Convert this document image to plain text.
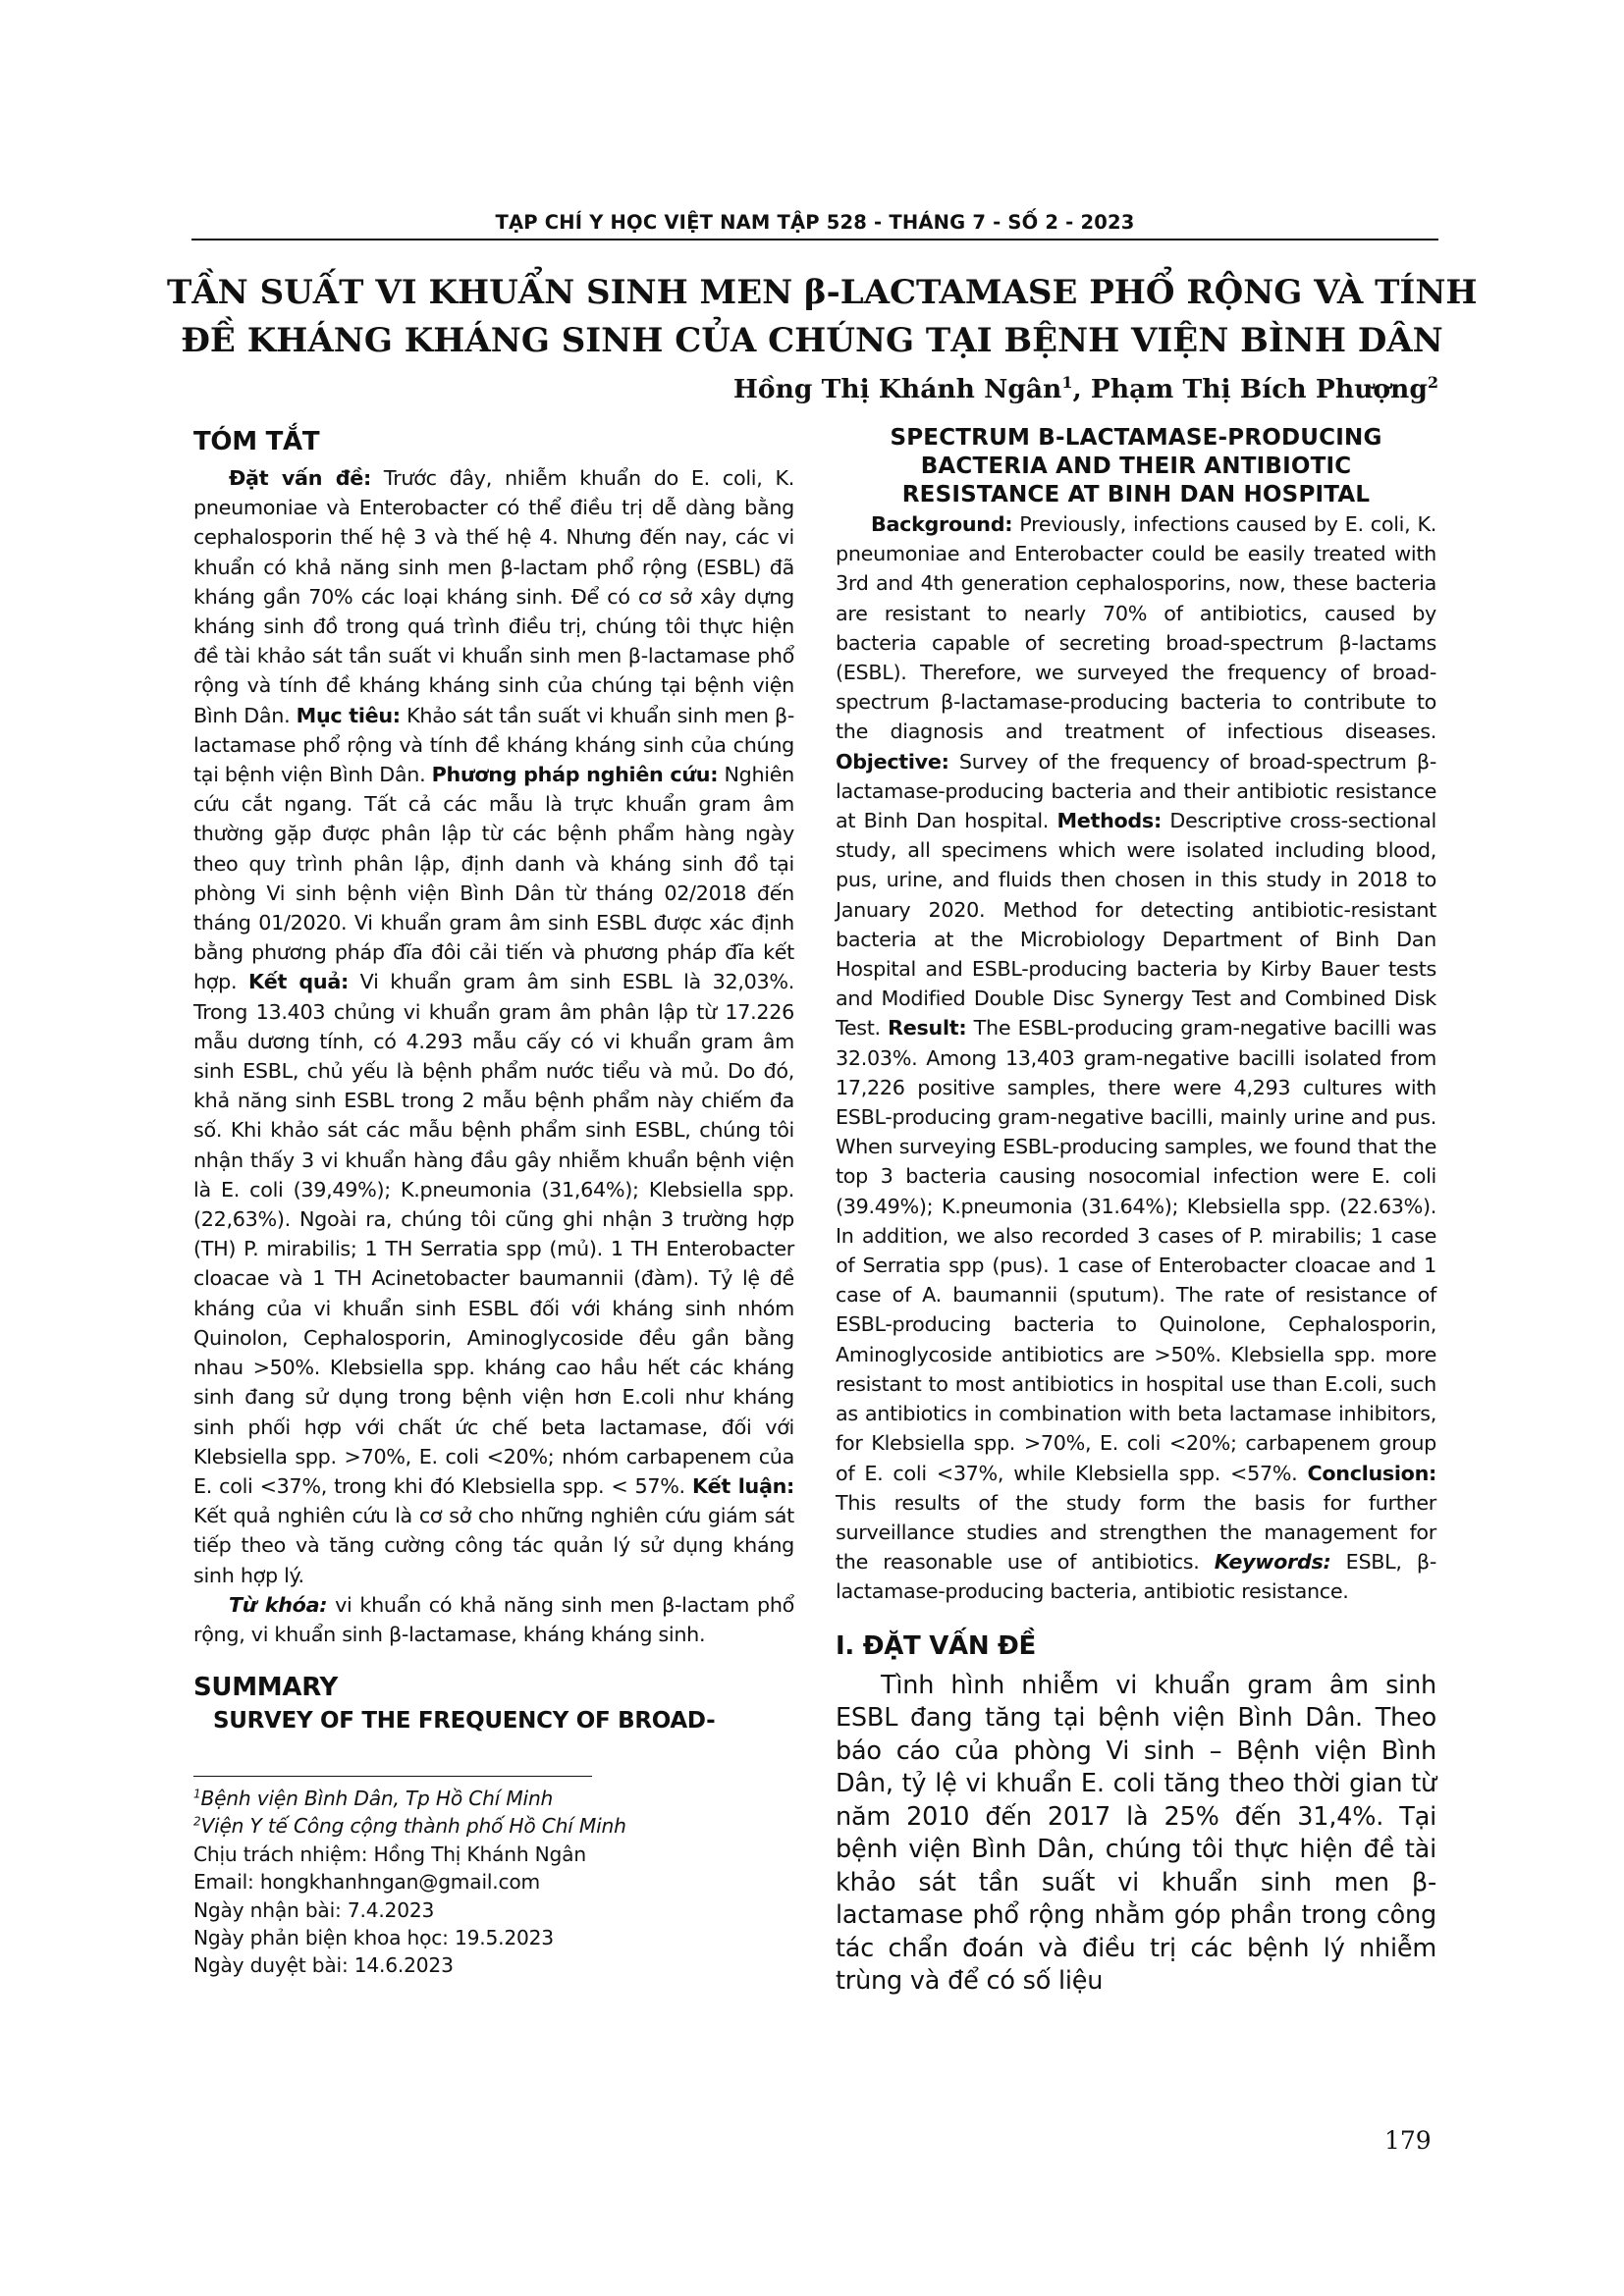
TẠP CHÍ Y HỌC VIỆT NAM TẬP 528 - THÁNG 7 - SỐ 2 - 2023
TẦN SUẤT VI KHUẨN SINH MEN β-LACTAMASE PHỔ RỘNG VÀ TÍNH
ĐỀ KHÁNG KHÁNG SINH CỦA CHÚNG TẠI BỆNH VIỆN BÌNH DÂN
Hồng Thị Khánh Ngân$^1$, Phạm Thị Bích Phượng$^2$
TÓM TẮT

Đặt vấn đề: Trước đây, nhiễm khuẩn do E. coli, K. pneumoniae và Enterobacter có thể điều trị dễ dàng bằng cephalosporin thế hệ 3 và thế hệ 4. Nhưng đến nay, các vi khuẩn có khả năng sinh men β-lactam phổ rộng (ESBL) đã kháng gần 70% các loại kháng sinh. Để có cơ sở xây dựng kháng sinh đồ trong quá trình điều trị, chúng tôi thực hiện đề tài khảo sát tần suất vi khuẩn sinh men β-lactamase phổ rộng và tính đề kháng kháng sinh của chúng tại bệnh viện Bình Dân. Mục tiêu: Khảo sát tần suất vi khuẩn sinh men β-lactamase phổ rộng và tính đề kháng kháng sinh của chúng tại bệnh viện Bình Dân. Phương pháp nghiên cứu: Nghiên cứu cắt ngang. Tất cả các mẫu là trực khuẩn gram âm thường gặp được phân lập từ các bệnh phẩm hàng ngày theo quy trình phân lập, định danh và kháng sinh đồ tại phòng Vi sinh bệnh viện Bình Dân từ tháng 02/2018 đến tháng 01/2020. Vi khuẩn gram âm sinh ESBL được xác định bằng phương pháp đĩa đôi cải tiến và phương pháp đĩa kết hợp. Kết quả: Vi khuẩn gram âm sinh ESBL là 32,03%. Trong 13.403 chủng vi khuẩn gram âm phân lập từ 17.226 mẫu dương tính, có 4.293 mẫu cấy có vi khuẩn gram âm sinh ESBL, chủ yếu là bệnh phẩm nước tiểu và mủ. Do đó, khả năng sinh ESBL trong 2 mẫu bệnh phẩm này chiếm đa số. Khi khảo sát các mẫu bệnh phẩm sinh ESBL, chúng tôi nhận thấy 3 vi khuẩn hàng đầu gây nhiễm khuẩn bệnh viện là E. coli (39,49%); K.pneumonia (31,64%); Klebsiella spp. (22,63%). Ngoài ra, chúng tôi cũng ghi nhận 3 trường hợp (TH) P. mirabilis; 1 TH Serratia spp (mủ). 1 TH Enterobacter cloacae và 1 TH Acinetobacter baumannii (đàm). Tỷ lệ đề kháng của vi khuẩn sinh ESBL đối với kháng sinh nhóm Quinolon, Cephalosporin, Aminoglycoside đều gần bằng nhau >50%. Klebsiella spp. kháng cao hầu hết các kháng sinh đang sử dụng trong bệnh viện hơn E.coli như kháng sinh phối hợp với chất ức chế beta lactamase, đối với Klebsiella spp. >70%, E. coli <20%; nhóm carbapenem của E. coli <37%, trong khi đó Klebsiella spp. < 57%. Kết luận: Kết quả nghiên cứu là cơ sở cho những nghiên cứu giám sát tiếp theo và tăng cường công tác quản lý sử dụng kháng sinh hợp lý.

Từ khóa: vi khuẩn có khả năng sinh men β-lactam phổ rộng, vi khuẩn sinh β-lactamase, kháng kháng sinh.

SUMMARY
SURVEY OF THE FREQUENCY OF BROAD-
$^1$Bệnh viện Bình Dân, Tp Hồ Chí Minh
$^2$Viện Y tế Công cộng thành phố Hồ Chí Minh
Chịu trách nhiệm: Hồng Thị Khánh Ngân
Email: hongkhanhngan@gmail.com
Ngày nhận bài: 7.4.2023
Ngày phản biện khoa học: 19.5.2023
Ngày duyệt bài: 14.6.2023
SPECTRUM Β-LACTAMASE-PRODUCING
BACTERIA AND THEIR ANTIBIOTIC
RESISTANCE AT BINH DAN HOSPITAL

Background: Previously, infections caused by E. coli, K. pneumoniae and Enterobacter could be easily treated with 3rd and 4th generation cephalosporins, now, these bacteria are resistant to nearly 70% of antibiotics, caused by bacteria capable of secreting broad-spectrum β-lactams (ESBL). Therefore, we surveyed the frequency of broad-spectrum β-lactamase-producing bacteria to contribute to the diagnosis and treatment of infectious diseases. Objective: Survey of the frequency of broad-spectrum β-lactamase-producing bacteria and their antibiotic resistance at Binh Dan hospital. Methods: Descriptive cross-sectional study, all specimens which were isolated including blood, pus, urine, and fluids then chosen in this study in 2018 to January 2020. Method for detecting antibiotic-resistant bacteria at the Microbiology Department of Binh Dan Hospital and ESBL-producing bacteria by Kirby Bauer tests and Modified Double Disc Synergy Test and Combined Disk Test. Result: The ESBL-producing gram-negative bacilli was 32.03%. Among 13,403 gram-negative bacilli isolated from 17,226 positive samples, there were 4,293 cultures with ESBL-producing gram-negative bacilli, mainly urine and pus. When surveying ESBL-producing samples, we found that the top 3 bacteria causing nosocomial infection were E. coli (39.49%); K.pneumonia (31.64%); Klebsiella spp. (22.63%). In addition, we also recorded 3 cases of P. mirabilis; 1 case of Serratia spp (pus). 1 case of Enterobacter cloacae and 1 case of A. baumannii (sputum). The rate of resistance of ESBL-producing bacteria to Quinolone, Cephalosporin, Aminoglycoside antibiotics are >50%. Klebsiella spp. more resistant to most antibiotics in hospital use than E.coli, such as antibiotics in combination with beta lactamase inhibitors, for Klebsiella spp. >70%, E. coli <20%; carbapenem group of E. coli <37%, while Klebsiella spp. <57%. Conclusion: This results of the study form the basis for further surveillance studies and strengthen the management for the reasonable use of antibiotics. Keywords: ESBL, β-lactamase-producing bacteria, antibiotic resistance.

I. ĐẶT VẤN ĐỀ

Tình hình nhiễm vi khuẩn gram âm sinh ESBL đang tăng tại bệnh viện Bình Dân. Theo báo cáo của phòng Vi sinh – Bệnh viện Bình Dân, tỷ lệ vi khuẩn E. coli tăng theo thời gian từ năm 2010 đến 2017 là 25% đến 31,4%. Tại bệnh viện Bình Dân, chúng tôi thực hiện đề tài khảo sát tần suất vi khuẩn sinh men β-lactamase phổ rộng nhằm góp phần trong công tác chẩn đoán và điều trị các bệnh lý nhiễm trùng và để có số liệu

179
